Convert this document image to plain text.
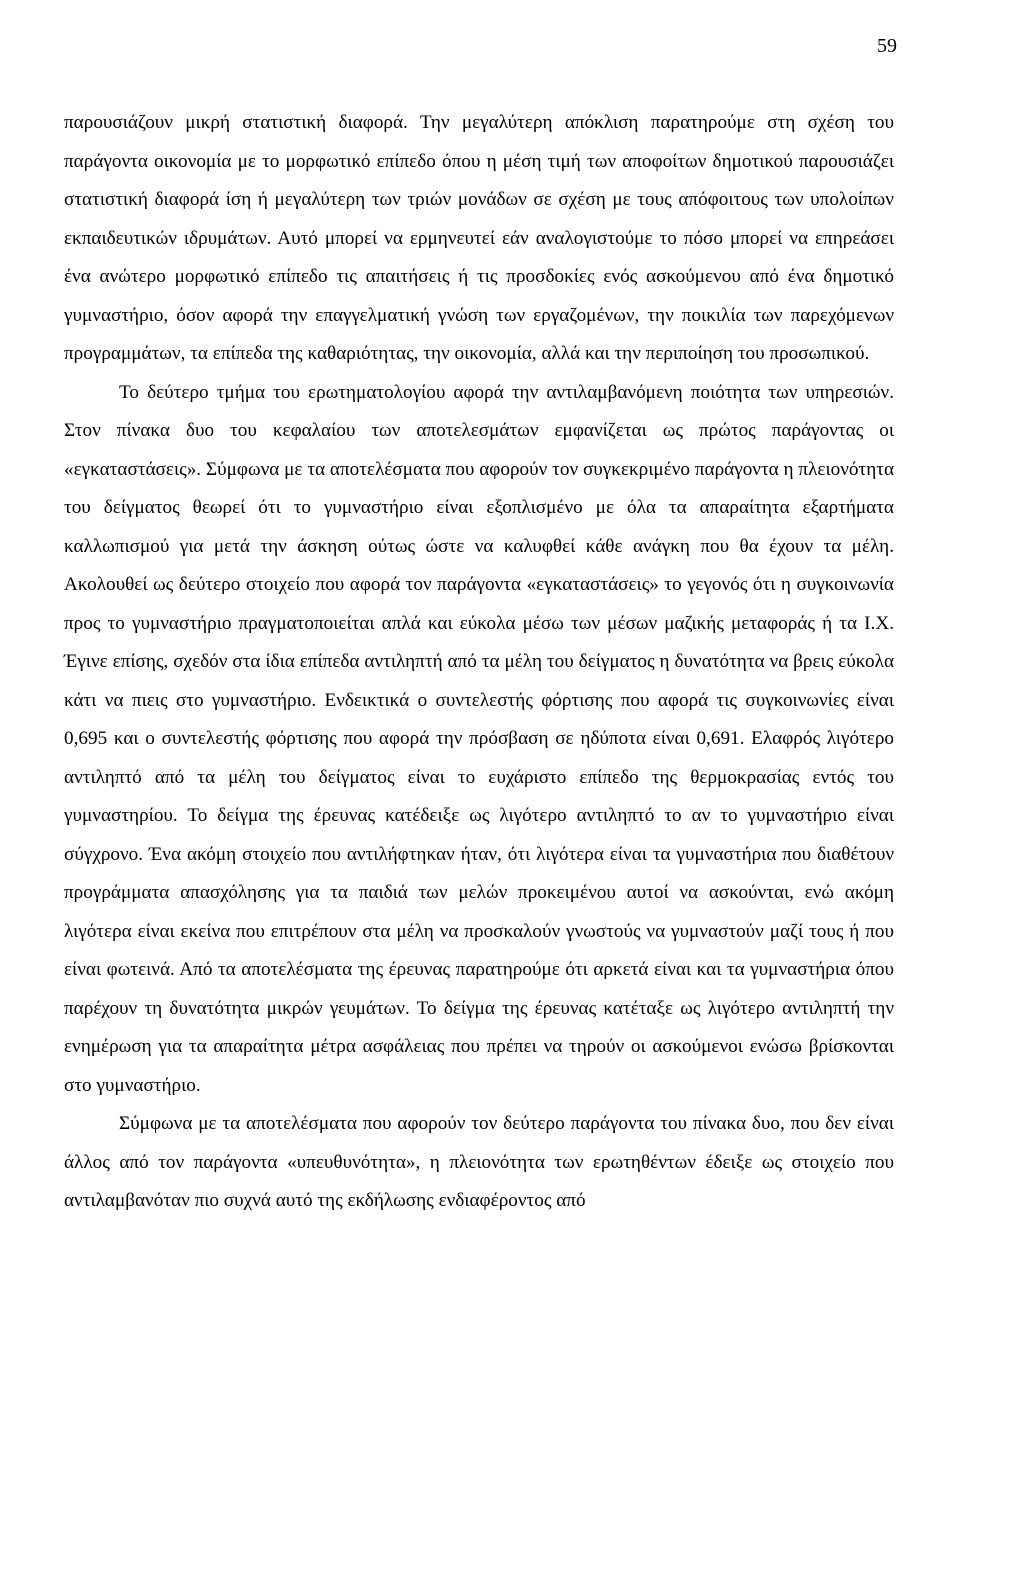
59

παρουσιάζουν μικρή στατιστική διαφορά. Την μεγαλύτερη απόκλιση παρατηρούμε στη σχέση του παράγοντα οικονομία με το μορφωτικό επίπεδο όπου η μέση τιμή των αποφοίτων δημοτικού παρουσιάζει στατιστική διαφορά ίση ή μεγαλύτερη των τριών μονάδων σε σχέση με τους απόφοιτους των υπολοίπων εκπαιδευτικών ιδρυμάτων. Αυτό μπορεί να ερμηνευτεί εάν αναλογιστούμε το πόσο μπορεί να επηρεάσει ένα ανώτερο μορφωτικό επίπεδο τις απαιτήσεις ή τις προσδοκίες ενός ασκούμενου από ένα δημοτικό γυμναστήριο, όσον αφορά την επαγγελματική γνώση των εργαζομένων, την ποικιλία των παρεχόμενων προγραμμάτων, τα επίπεδα της καθαριότητας, την οικονομία, αλλά και την περιποίηση του προσωπικού.

Το δεύτερο τμήμα του ερωτηματολογίου αφορά την αντιλαμβανόμενη ποιότητα των υπηρεσιών. Στον πίνακα δυο του κεφαλαίου των αποτελεσμάτων εμφανίζεται ως πρώτος παράγοντας οι «εγκαταστάσεις». Σύμφωνα με τα αποτελέσματα που αφορούν τον συγκεκριμένο παράγοντα η πλειονότητα του δείγματος θεωρεί ότι το γυμναστήριο είναι εξοπλισμένο με όλα τα απαραίτητα εξαρτήματα καλλωπισμού για μετά την άσκηση ούτως ώστε να καλυφθεί κάθε ανάγκη που θα έχουν τα μέλη. Ακολουθεί ως δεύτερο στοιχείο που αφορά τον παράγοντα «εγκαταστάσεις» το γεγονός ότι η συγκοινωνία προς το γυμναστήριο πραγματοποιείται απλά και εύκολα μέσω των μέσων μαζικής μεταφοράς ή τα Ι.Χ. Έγινε επίσης, σχεδόν στα ίδια επίπεδα αντιληπτή από τα μέλη του δείγματος η δυνατότητα να βρεις εύκολα κάτι να πιεις στο γυμναστήριο. Ενδεικτικά ο συντελεστής φόρτισης που αφορά τις συγκοινωνίες είναι 0,695 και ο συντελεστής φόρτισης που αφορά την πρόσβαση σε ηδύποτα είναι 0,691. Ελαφρός λιγότερο αντιληπτό από τα μέλη του δείγματος είναι το ευχάριστο επίπεδο της θερμοκρασίας εντός του γυμναστηρίου. Το δείγμα της έρευνας κατέδειξε ως λιγότερο αντιληπτό το αν το γυμναστήριο είναι σύγχρονο. Ένα ακόμη στοιχείο που αντιλήφτηκαν ήταν, ότι λιγότερα είναι τα γυμναστήρια που διαθέτουν προγράμματα απασχόλησης για τα παιδιά των μελών προκειμένου αυτοί να ασκούνται, ενώ ακόμη λιγότερα είναι εκείνα που επιτρέπουν στα μέλη να προσκαλούν γνωστούς να γυμναστούν μαζί τους ή που είναι φωτεινά. Από τα αποτελέσματα της έρευνας παρατηρούμε ότι αρκετά είναι και τα γυμναστήρια όπου παρέχουν τη δυνατότητα μικρών γευμάτων. Το δείγμα της έρευνας κατέταξε ως λιγότερο αντιληπτή την ενημέρωση για τα απαραίτητα μέτρα ασφάλειας που πρέπει να τηρούν οι ασκούμενοι ενώσω βρίσκονται στο γυμναστήριο.

Σύμφωνα με τα αποτελέσματα που αφορούν τον δεύτερο παράγοντα του πίνακα δυο, που δεν είναι άλλος από τον παράγοντα «υπευθυνότητα», η πλειονότητα των ερωτηθέντων έδειξε ως στοιχείο που αντιλαμβανόταν πιο συχνά αυτό της εκδήλωσης ενδιαφέροντος από
